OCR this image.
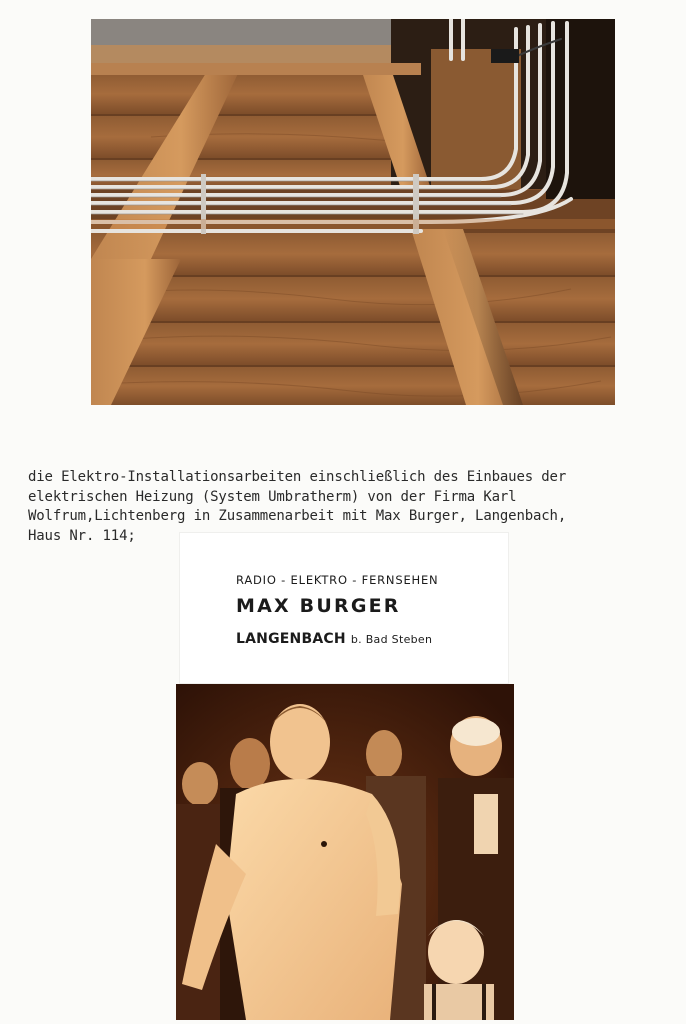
die Elektro-Installationsarbeiten einschließlich des Einbaues der
elektrischen Heizung (System Umbratherm) von der Firma Karl
Wolfrum,Lichtenberg in Zusammenarbeit mit Max Burger, Langenbach,
Haus Nr. 114;
RADIO - ELEKTRO - FERNSEHEN
MAX BURGER
LANGENBACH b. Bad Steben
